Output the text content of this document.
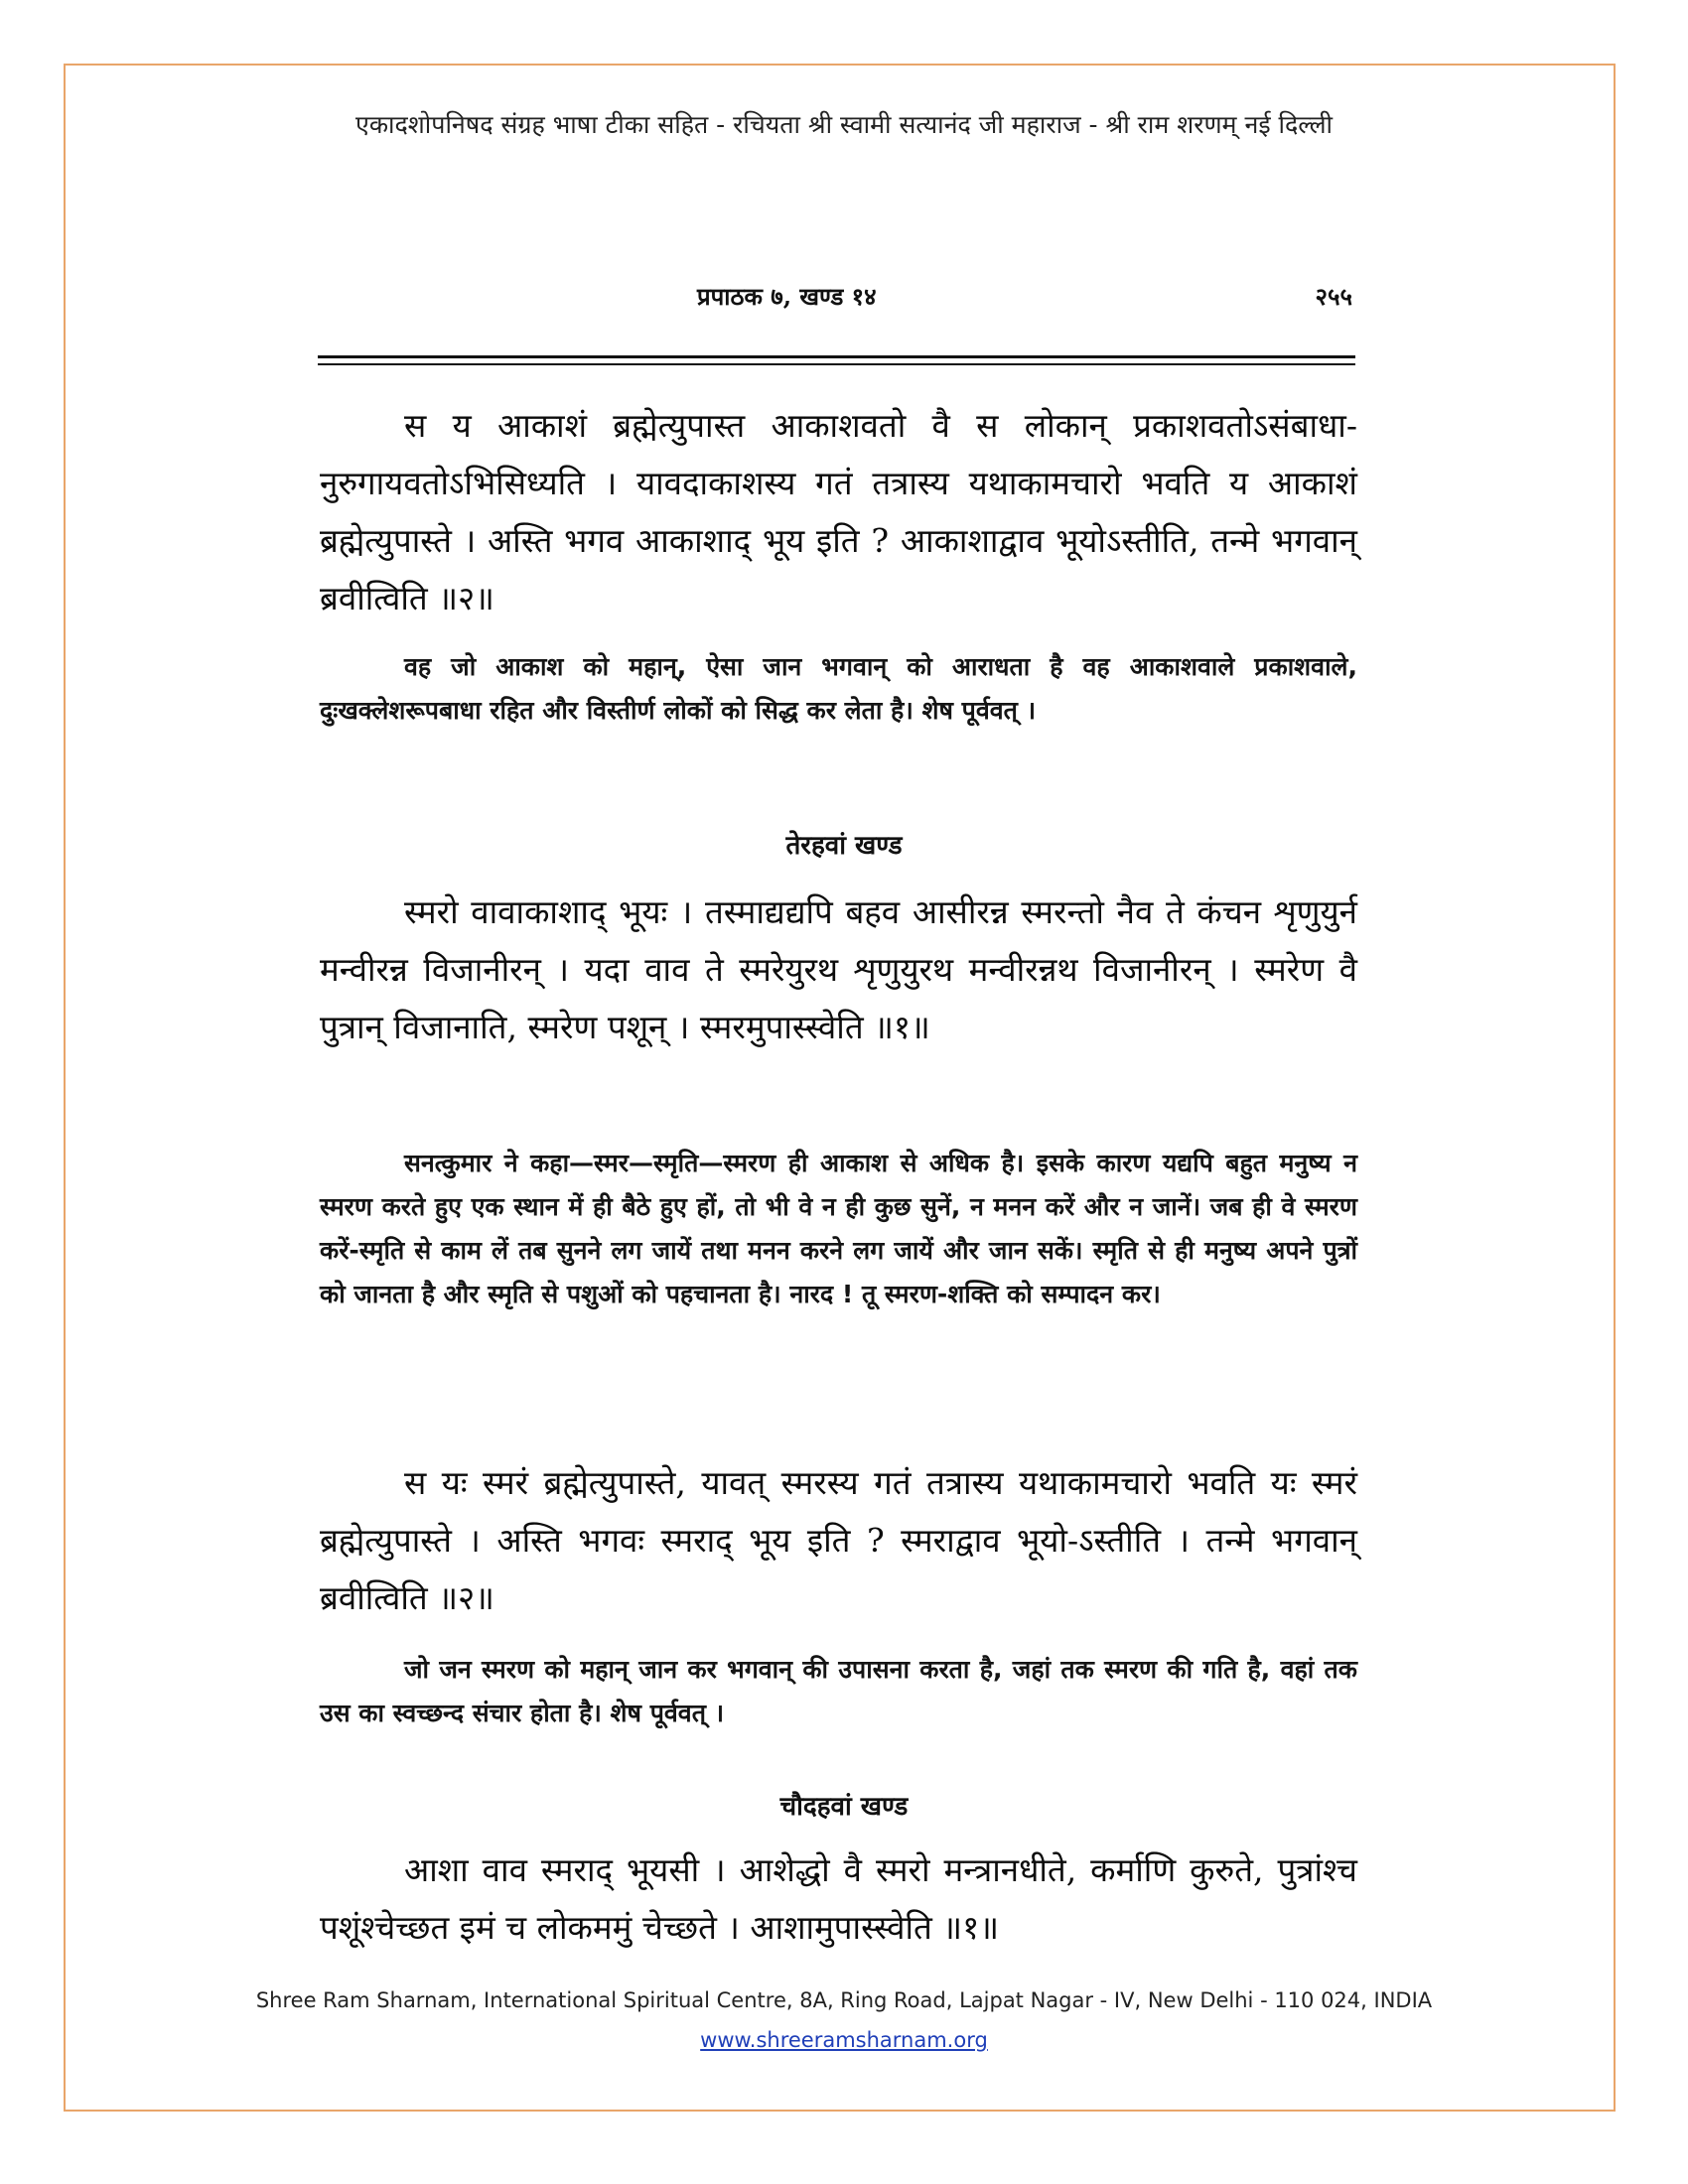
एकादशोपनिषद संग्रह भाषा टीका सहित - रचियता श्री स्वामी सत्यानंद जी महाराज - श्री राम शरणम् नई दिल्ली
प्रपाठक ७, खण्ड १४	२५५
स य आकाशं ब्रह्मेत्युपास्त आकाशवतो वै स लोकान् प्रकाशवतोऽसंबाधा-नुरुगायवतोऽभिसिध्यति । यावदाकाशस्य गतं तत्रास्य यथाकामचारो भवति य आकाशं ब्रह्मेत्युपास्ते । अस्ति भगव आकाशाद् भूय इति ? आकाशाद्वाव भूयोऽस्तीति, तन्मे भगवान् ब्रवीत्विति ॥२॥
वह जो आकाश को महान्, ऐसा जान भगवान् को आराधता है वह आकाशवाले प्रकाशवाले, दुःखक्लेशरूपबाधा रहित और विस्तीर्ण लोकों को सिद्ध कर लेता है। शेष पूर्ववत् ।
तेरहवां खण्ड
स्मरो वावाकाशाद् भूयः । तस्माद्यद्यपि बहव आसीरन्न स्मरन्तो नैव ते कंचन शृणुयुर्न मन्वीरन्न विजानीरन् । यदा वाव ते स्मरेयुरथ शृणुयुरथ मन्वीरन्नथ विजानीरन् । स्मरेण वै पुत्रान् विजानाति, स्मरेण पशून् । स्मरमुपास्स्वेति ॥१॥
सनत्कुमार ने कहा—स्मर—स्मृति—स्मरण ही आकाश से अधिक है। इसके कारण यद्यपि बहुत मनुष्य न स्मरण करते हुए एक स्थान में ही बैठे हुए हों, तो भी वे न ही कुछ सुनें, न मनन करें और न जानें। जब ही वे स्मरण करें-स्मृति से काम लें तब सुनने लग जायें तथा मनन करने लग जायें और जान सकें। स्मृति से ही मनुष्य अपने पुत्रों को जानता है और स्मृति से पशुओं को पहचानता है। नारद ! तू स्मरण-शक्ति को सम्पादन कर।
स यः स्मरं ब्रह्मेत्युपास्ते, यावत् स्मरस्य गतं तत्रास्य यथाकामचारो भवति यः स्मरं ब्रह्मेत्युपास्ते । अस्ति भगवः स्मराद् भूय इति ? स्मराद्वाव भूयो-ऽस्तीति । तन्मे भगवान् ब्रवीत्विति ॥२॥
जो जन स्मरण को महान् जान कर भगवान् की उपासना करता है, जहां तक स्मरण की गति है, वहां तक उस का स्वच्छन्द संचार होता है। शेष पूर्ववत् ।
चौदहवां खण्ड
आशा वाव स्मराद् भूयसी । आशेद्धो वै स्मरो मन्त्रानधीते, कर्माणि कुरुते, पुत्रांश्च पशूंश्चेच्छत इमं च लोकममुं चेच्छते । आशामुपास्स्वेति ॥१॥
Shree Ram Sharnam, International Spiritual Centre, 8A, Ring Road, Lajpat Nagar - IV, New Delhi - 110 024, INDIA
www.shreeramsharnam.org
